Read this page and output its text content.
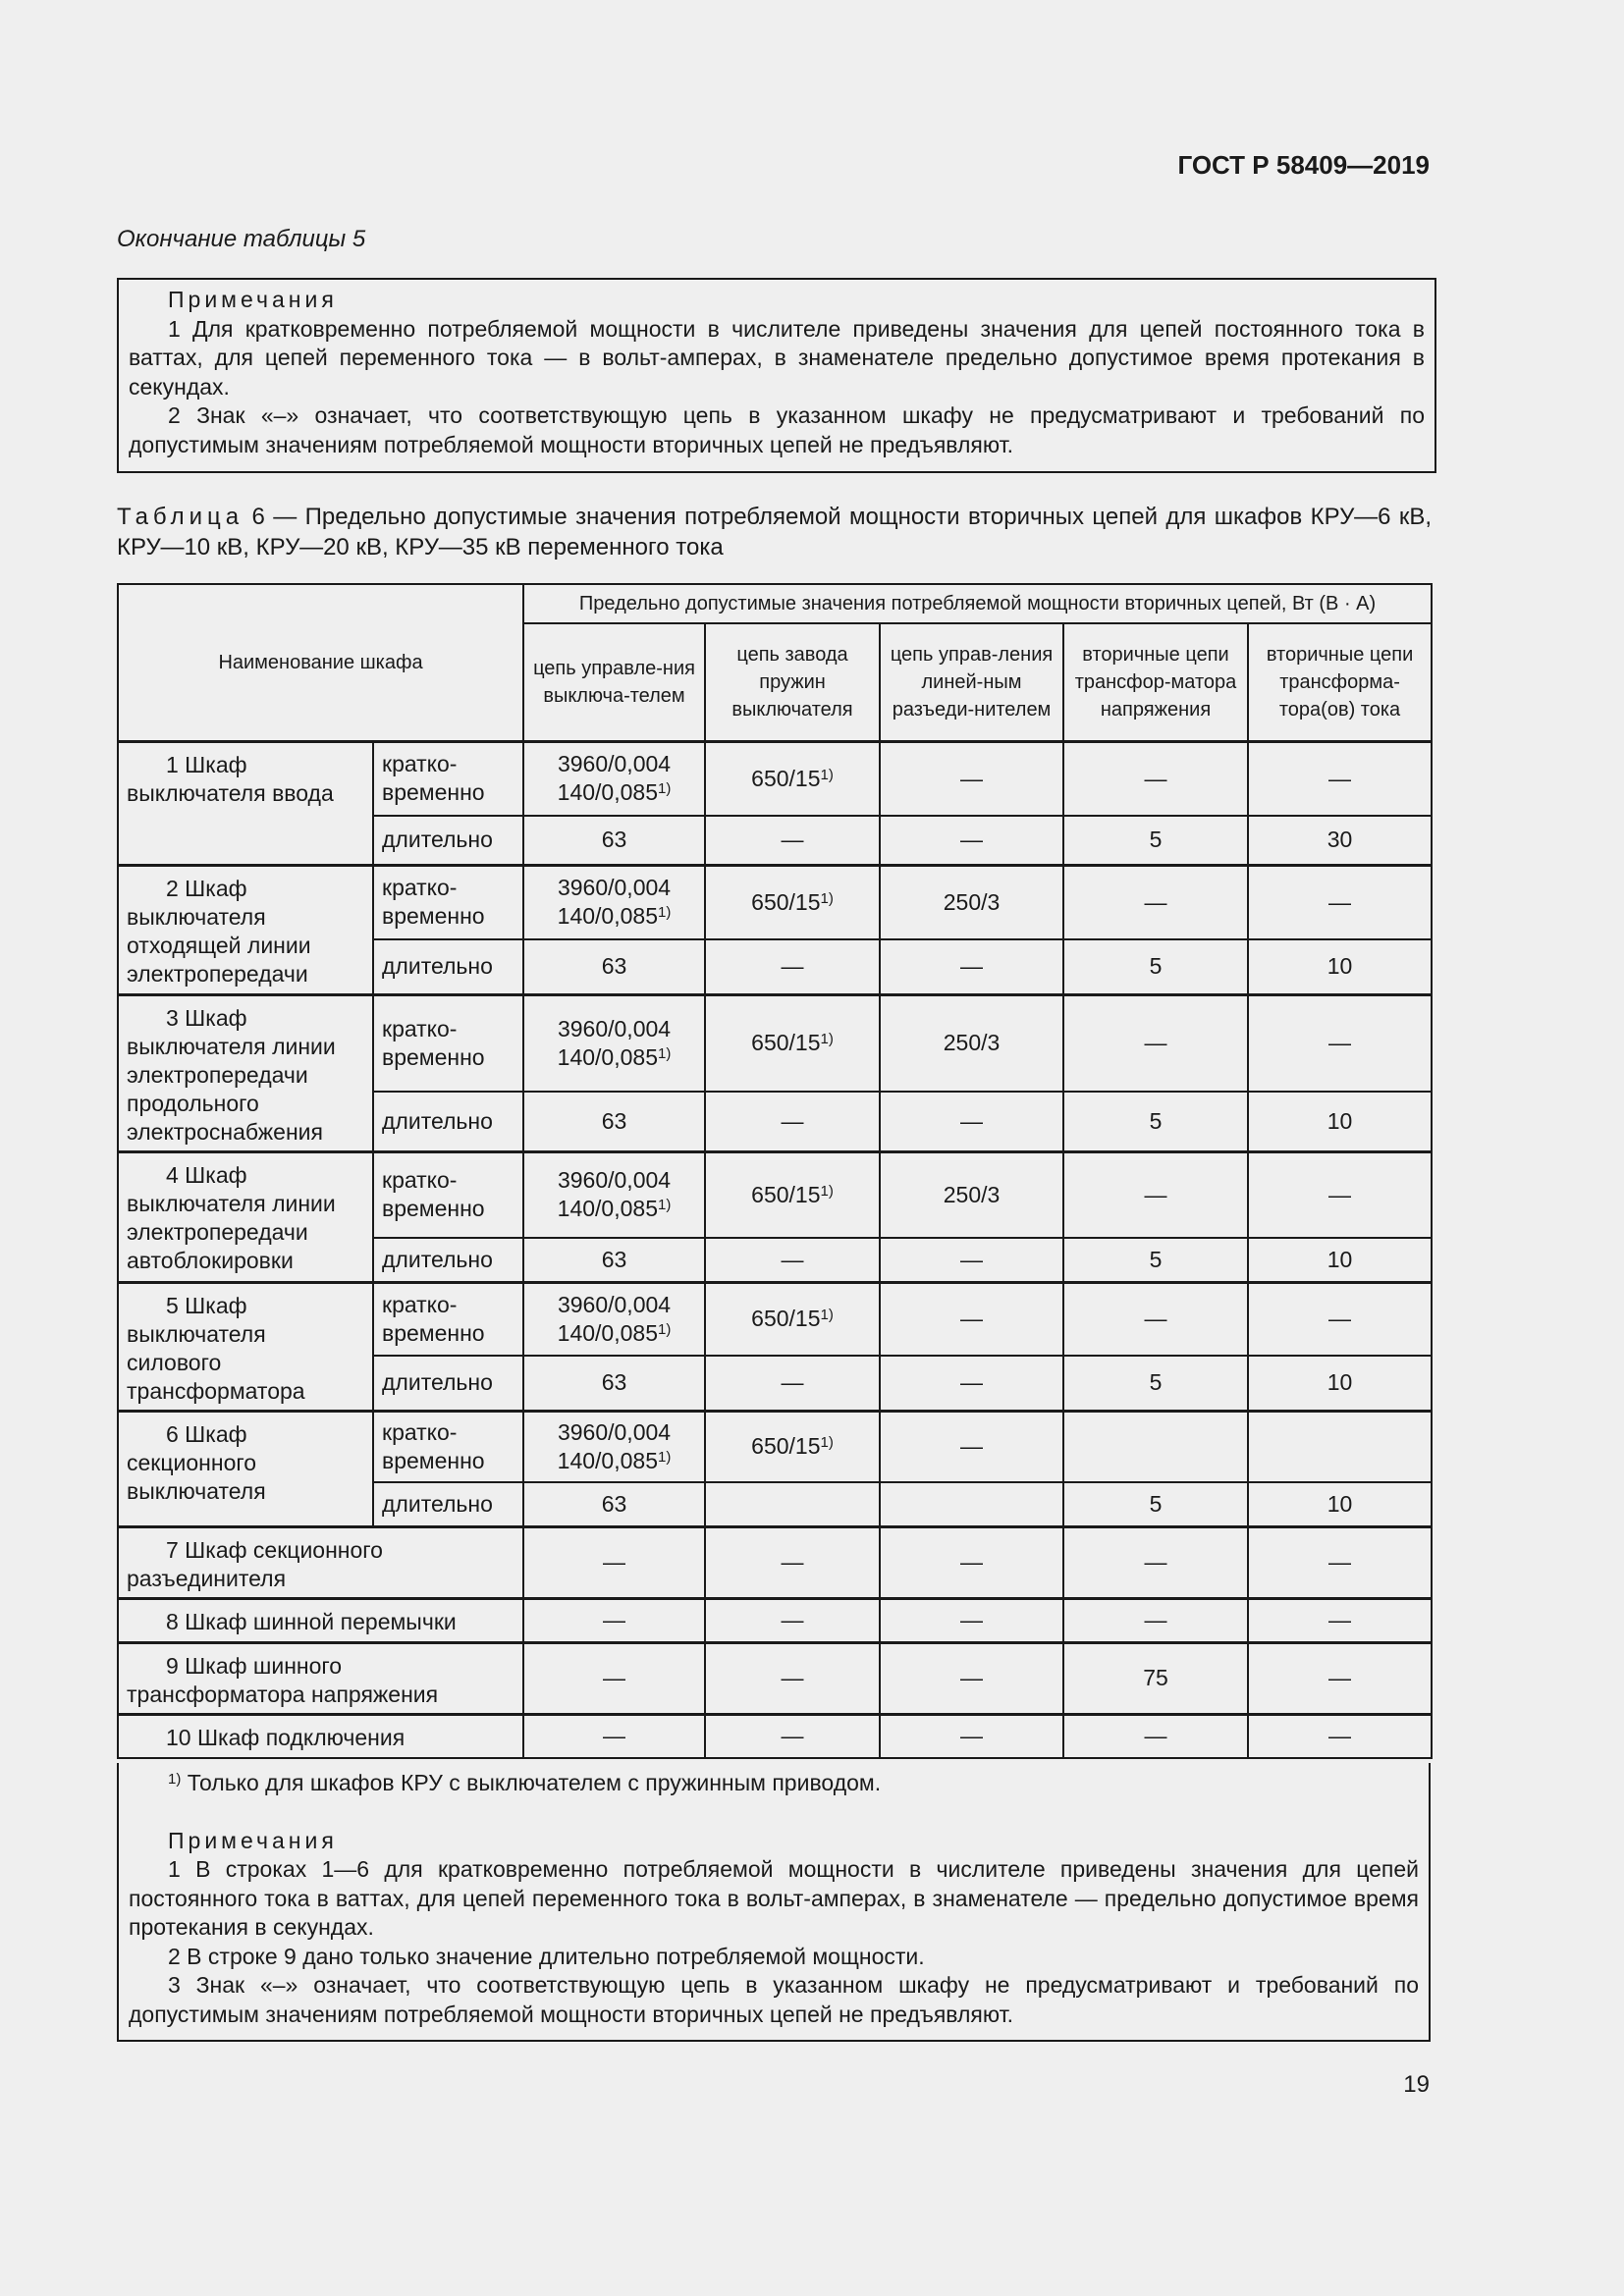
ГОСТ Р 58409—2019
Окончание таблицы 5

Примечания

1 Для кратковременно потребляемой мощности в числителе приведены значения для цепей постоянного тока в ваттах, для цепей переменного тока — в вольт-амперах, в знаменателе предельно допустимое время протекания в секундах.

2 Знак «–» означает, что соответствующую цепь в указанном шкафу не предусматривают и требований по допустимым значениям потребляемой мощности вторичных цепей не предъявляют.

Таблица 6 — Предельно допустимые значения потребляемой мощности вторичных цепей для шкафов КРУ—6 кВ, КРУ—10 кВ, КРУ—20 кВ, КРУ—35 кВ переменного тока
Наименование шкафа		Предельно допустимые значения потребляемой мощности вторичных цепей, Вт (В · А)				
		цепь управле-ния выключа-телем	цепь завода пружин выключателя	цепь управ-ления линей-ным разъеди-нителем	вторичные цепи трансфор-матора напряжения	вторичные цепи трансформа-тора(ов) тока

1 Шкаф выключателя ввода	кратко-временно	3960/0,004
140/0,085$^{1)}$	650/15$^{1)}$	—	—	—
	длительно	63	—	—	5	30

2 Шкаф выключателя отходящей линии электропередачи	кратко-временно	3960/0,004
140/0,085$^{1)}$	650/15$^{1)}$	250/3	—	—
	длительно	63	—	—	5	10

3 Шкаф выключателя линии электропередачи продольного электроснабжения	кратко-временно	3960/0,004
140/0,085$^{1)}$	650/15$^{1)}$	250/3	—	—
	длительно	63	—	—	5	10

4 Шкаф выключателя линии электропередачи автоблокировки	кратко-временно	3960/0,004
140/0,085$^{1)}$	650/15$^{1)}$	250/3	—	—
	длительно	63	—	—	5	10

5 Шкаф выключателя силового трансформатора	кратко-временно	3960/0,004
140/0,085$^{1)}$	650/15$^{1)}$	—	—	—
	длительно	63	—	—	5	10

6 Шкаф секционного выключателя	кратко-временно	3960/0,004
140/0,085$^{1)}$	650/15$^{1)}$	—		
	длительно	63			5	10

7 Шкаф секционного разъединителя		—	—	—	—	—

8 Шкаф шинной перемычки		—	—	—	—	—

9 Шкаф шинного трансформатора напряжения		—	—	—	75	—

10 Шкаф подключения		—	—	—	—	—

$^{1)}$ Только для шкафов КРУ с выключателем с пружинным приводом.

Примечания

1 В строках 1—6 для кратковременно потребляемой мощности в числителе приведены значения для цепей постоянного тока в ваттах, для цепей переменного тока в вольт-амперах, в знаменателе — предельно допустимое время протекания в секундах.

2 В строке 9 дано только значение длительно потребляемой мощности.

3 Знак «–» означает, что соответствующую цепь в указанном шкафу не предусматривают и требований по допустимым значениям потребляемой мощности вторичных цепей не предъявляют.

19
